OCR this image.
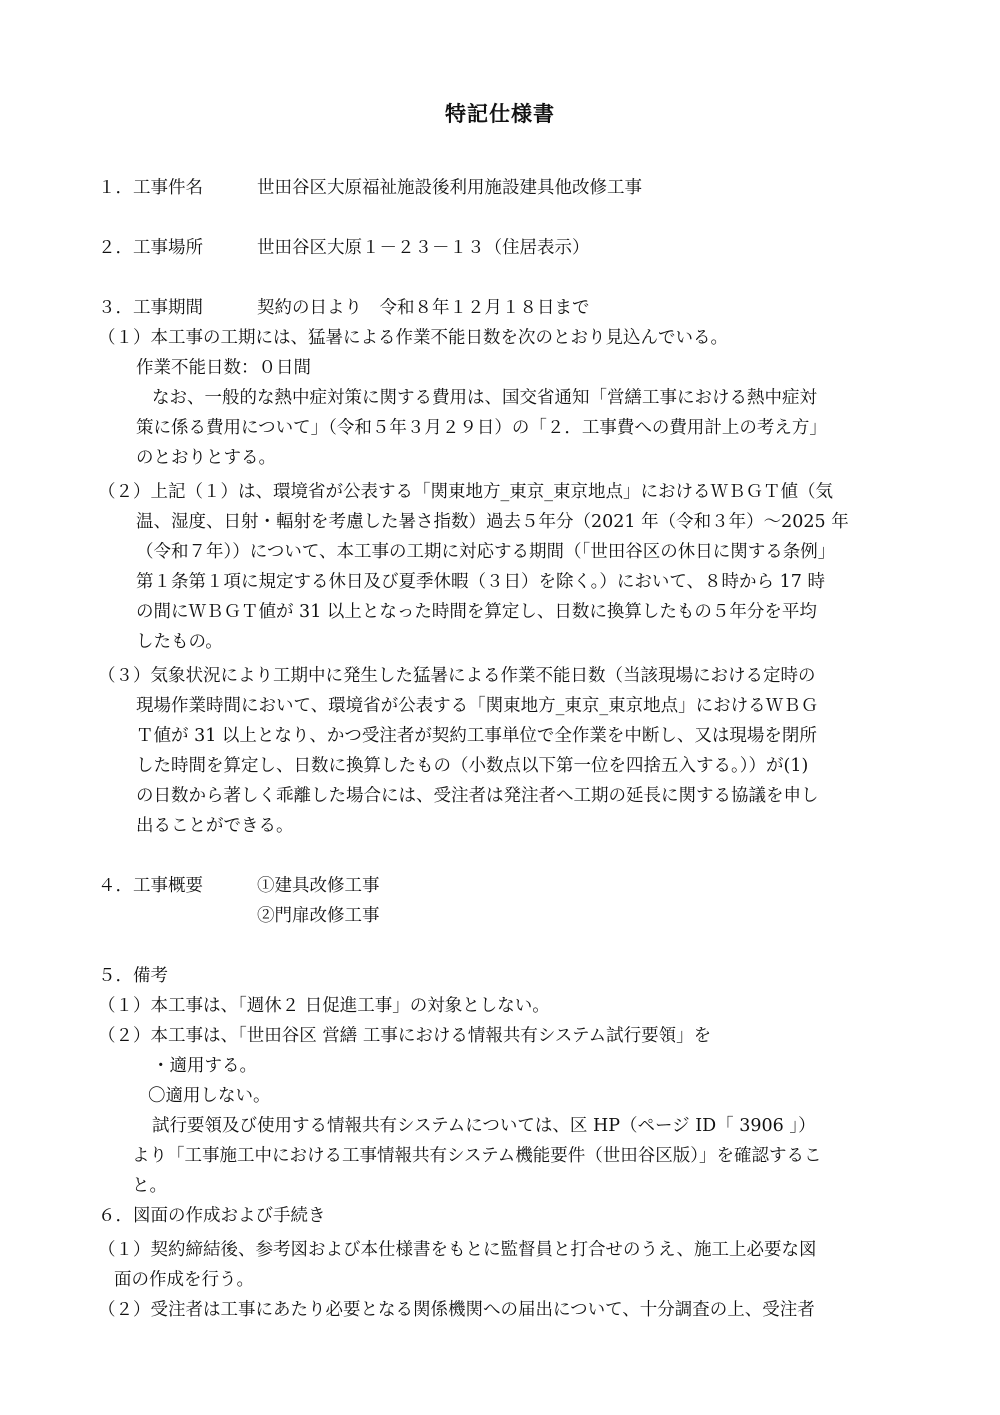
特記仕様書
１．工事件名	世田谷区大原福祉施設後利用施設建具他改修工事
２．工事場所	世田谷区大原１－２３－１３（住居表示）
３．工事期間	契約の日より　令和８年１２月１８日まで
（１）本工事の工期には、猛暑による作業不能日数を次のとおり見込んでいる。
作業不能日数：０日間
なお、一般的な熱中症対策に関する費用は、国交省通知「営繕工事における熱中症対
策に係る費用について」（令和５年３月２９日）の「２．工事費への費用計上の考え方」
のとおりとする。
（２）上記（１）は、環境省が公表する「関東地方_東京_東京地点」におけるＷＢＧＴ値（気
温、湿度、日射・輻射を考慮した暑さ指数）過去５年分（2021 年（令和３年）～2025 年
（令和７年））について、本工事の工期に対応する期間（「世田谷区の休日に関する条例」
第１条第１項に規定する休日及び夏季休暇（３日）を除く。）において、８時から 17 時
の間にＷＢＧＴ値が 31 以上となった時間を算定し、日数に換算したもの５年分を平均
したもの。
（３）気象状況により工期中に発生した猛暑による作業不能日数（当該現場における定時の
現場作業時間において、環境省が公表する「関東地方_東京_東京地点」におけるＷＢＧ
Ｔ値が 31 以上となり、かつ受注者が契約工事単位で全作業を中断し、又は現場を閉所
した時間を算定し、日数に換算したもの（小数点以下第一位を四捨五入する。））が(1)
の日数から著しく乖離した場合には、受注者は発注者へ工期の延長に関する協議を申し
出ることができる。
４．工事概要	①建具改修工事
②門扉改修工事
５．備考
（１）本工事は、「週休２ 日促進工事」の対象としない。
（２）本工事は、「世田谷区 営繕 工事における情報共有システム試行要領」を
・適用する。
〇適用しない。
試行要領及び使用する情報共有システムについては、区 HP（ページ ID「 3906 」）
より「工事施工中における工事情報共有システム機能要件（世田谷区版）」を確認するこ
と。
６．図面の作成および手続き
（１）契約締結後、参考図および本仕様書をもとに監督員と打合せのうえ、施工上必要な図
面の作成を行う。
（２）受注者は工事にあたり必要となる関係機関への届出について、十分調査の上、受注者
